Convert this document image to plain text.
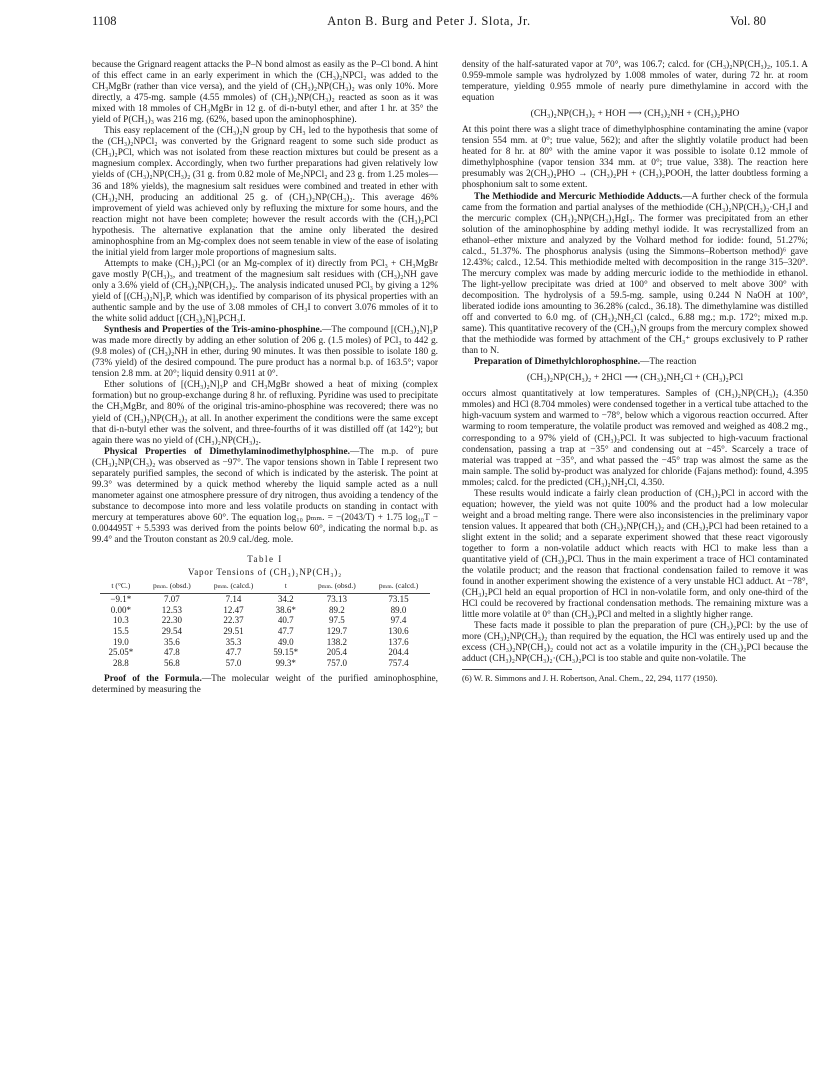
1108	Anton B. Burg and Peter J. Slota, Jr.	Vol. 80

because the Grignard reagent attacks the P–N bond almost as easily as the P–Cl bond. A hint of this effect came in an early experiment in which the (CH₃)₂NPCl₂ was added to the CH₃MgBr (rather than vice versa), and the yield of (CH₃)₂NP(CH₃)₂ was only 10%. More directly, a 475-mg. sample (4.55 mmoles) of (CH₃)₂NP(CH₃)₂ reacted as soon as it was mixed with 18 mmoles of CH₃MgBr in 12 g. of di-n-butyl ether, and after 1 hr. at 35° the yield of P(CH₃)₃ was 216 mg. (62%, based upon the aminophosphine).

This easy replacement of the (CH₃)₂N group by CH₃ led to the hypothesis that some of the (CH₃)₂NPCl₂ was converted by the Grignard reagent to some such side product as (CH₃)₂PCl, which was not isolated from these reaction mixtures but could be present as a magnesium complex. Accordingly, when two further preparations had given relatively low yields of (CH₃)₂NP(CH₃)₂ (31 g. from 0.82 mole of Me₂NPCl₂ and 23 g. from 1.25 moles—36 and 18% yields), the magnesium salt residues were combined and treated in ether with (CH₃)₂NH, producing an additional 25 g. of (CH₃)₂NP(CH₃)₂. This average 46% improvement of yield was achieved only by refluxing the mixture for some hours, and the reaction might not have been complete; however the result accords with the (CH₃)₂PCl hypothesis. The alternative explanation that the amine only liberated the desired aminophosphine from an Mg-complex does not seem tenable in view of the ease of isolating the initial yield from larger mole proportions of magnesium salts.

Attempts to make (CH₃)₂PCl (or an Mg-complex of it) directly from PCl₃ + CH₃MgBr gave mostly P(CH₃)₃, and treatment of the magnesium salt residues with (CH₃)₂NH gave only a 3.6% yield of (CH₃)₂NP(CH₃)₂. The analysis indicated unused PCl₃ by giving a 12% yield of [(CH₃)₂N]₃P, which was identified by comparison of its physical properties with an authentic sample and by the use of 3.08 mmoles of CH₃I to convert 3.076 mmoles of it to the white solid adduct [(CH₃)₂N]₃PCH₃I.

Synthesis and Properties of the Tris-amino-phosphine.—The compound [(CH₃)₂N]₃P was made more directly by adding an ether solution of 206 g. (1.5 moles) of PCl₃ to 442 g. (9.8 moles) of (CH₃)₂NH in ether, during 90 minutes. It was then possible to isolate 180 g. (73% yield) of the desired compound. The pure product has a normal b.p. of 163.5°; vapor tension 2.8 mm. at 20°; liquid density 0.911 at 0°.

Ether solutions of [(CH₃)₂N]₃P and CH₃MgBr showed a heat of mixing (complex formation) but no group-exchange during 8 hr. of refluxing. Pyridine was used to precipitate the CH₃MgBr, and 80% of the original tris-amino-phosphine was recovered; there was no yield of (CH₃)₂NP(CH₃)₂ at all. In another experiment the conditions were the same except that di-n-butyl ether was the solvent, and three-fourths of it was distilled off (at 142°); but again there was no yield of (CH₃)₂NP(CH₃)₂.

Physical Properties of Dimethylaminodimethylphosphine.—The m.p. of pure (CH₃)₂NP(CH₃)₂ was observed as −97°. The vapor tensions shown in Table I represent two separately purified samples, the second of which is indicated by the asterisk. The point at 99.3° was determined by a quick method whereby the liquid sample acted as a null manometer against one atmosphere pressure of dry nitrogen, thus avoiding a tendency of the substance to decompose into more and less volatile products on standing in contact with mercury at temperatures above 60°. The equation log₁₀ pₘₘ. = −(2043/T) + 1.75 log₁₀T − 0.004495T + 5.5393 was derived from the points below 60°, indicating the normal b.p. as 99.4° and the Trouton constant as 20.9 cal./deg. mole.

Table I
Vapor Tensions of (CH₃)₂NP(CH₃)₂
t (°C.)	pₘₘ. (obsd.)	pₘₘ. (calcd.)	t	pₘₘ. (obsd.)	pₘₘ. (calcd.)
−9.1*	7.07	7.14	34.2	73.13	73.15
0.00*	12.53	12.47	38.6*	89.2	89.0
10.3	22.30	22.37	40.7	97.5	97.4
15.5	29.54	29.51	47.7	129.7	130.6
19.0	35.6	35.3	49.0	138.2	137.6
25.05*	47.8	47.7	59.15*	205.4	204.4
28.8	56.8	57.0	99.3*	757.0	757.4

Proof of the Formula.—The molecular weight of the purified aminophosphine, determined by measuring the

density of the half-saturated vapor at 70°, was 106.7; calcd. for (CH₃)₂NP(CH₃)₂, 105.1. A 0.959-mmole sample was hydrolyzed by 1.008 mmoles of water, during 72 hr. at room temperature, yielding 0.955 mmole of nearly pure dimethylamine in accord with the equation

(CH₃)₂NP(CH₃)₂ + HOH ⟶ (CH₃)₂NH + (CH₃)₂PHO

At this point there was a slight trace of dimethylphosphine contaminating the amine (vapor tension 554 mm. at 0°; true value, 562); and after the slightly volatile product had been heated for 8 hr. at 80° with the amine vapor it was possible to isolate 0.12 mmole of dimethylphosphine (vapor tension 334 mm. at 0°; true value, 338). The reaction here presumably was 2(CH₃)₂PHO → (CH₃)₂PH + (CH₃)₂POOH, the latter doubtless forming a phosphonium salt to some extent.

The Methiodide and Mercuric Methiodide Adducts.—A further check of the formula came from the formation and partial analyses of the methiodide (CH₃)₂NP(CH₃)₂·CH₃I and the mercuric complex (CH₃)₂NP(CH₃)₃HgI₃. The former was precipitated from an ether solution of the aminophosphine by adding methyl iodide. It was recrystallized from an ethanol–ether mixture and analyzed by the Volhard method for iodide: found, 51.27%; calcd., 51.37%. The phosphorus analysis (using the Simmons–Robertson method)⁶ gave 12.43%; calcd., 12.54. This methiodide melted with decomposition in the range 315–320°. The mercury complex was made by adding mercuric iodide to the methiodide in ethanol. The light-yellow precipitate was dried at 100° and observed to melt above 300° with decomposition. The hydrolysis of a 59.5-mg. sample, using 0.244 N NaOH at 100°, liberated iodide ions amounting to 36.28% (calcd., 36.18). The dimethylamine was distilled off and converted to 6.0 mg. of (CH₃)₂NH₂Cl (calcd., 6.88 mg.; m.p. 172°; mixed m.p. same). This quantitative recovery of the (CH₃)₂N groups from the mercury complex showed that the methiodide was formed by attachment of the CH₃⁺ groups exclusively to P rather than to N.

Preparation of Dimethylchlorophosphine.—The reaction

(CH₃)₂NP(CH₃)₂ + 2HCl ⟶ (CH₃)₂NH₂Cl + (CH₃)₂PCl

occurs almost quantitatively at low temperatures. Samples of (CH₃)₂NP(CH₃)₂ (4.350 mmoles) and HCl (8.704 mmoles) were condensed together in a vertical tube attached to the high-vacuum system and warmed to −78°, below which a vigorous reaction occurred. After warming to room temperature, the volatile product was removed and weighed as 408.2 mg., corresponding to a 97% yield of (CH₃)₂PCl. It was subjected to high-vacuum fractional condensation, passing a trap at −35° and condensing out at −45°. Scarcely a trace of material was trapped at −35°, and what passed the −45° trap was almost the same as the main sample. The solid by-product was analyzed for chloride (Fajans method): found, 4.395 mmoles; calcd. for the predicted (CH₃)₂NH₂Cl, 4.350.

These results would indicate a fairly clean production of (CH₃)₂PCl in accord with the equation; however, the yield was not quite 100% and the product had a low molecular weight and a broad melting range. There were also inconsistencies in the preliminary vapor tension values. It appeared that both (CH₃)₂NP(CH₃)₂ and (CH₃)₂PCl had been retained to a slight extent in the solid; and a separate experiment showed that these react vigorously together to form a non-volatile adduct which reacts with HCl to make less than a quantitative yield of (CH₃)₂PCl. Thus in the main experiment a trace of HCl contaminated the volatile product; and the reason that fractional condensation failed to remove it was found in another experiment showing the existence of a very unstable HCl adduct. At −78°, (CH₃)₂PCl held an equal proportion of HCl in non-volatile form, and only one-third of the HCl could be recovered by fractional condensation methods. The remaining mixture was a little more volatile at 0° than (CH₃)₂PCl and melted in a slightly higher range.

These facts made it possible to plan the preparation of pure (CH₃)₂PCl: by the use of more (CH₃)₂NP(CH₃)₂ than required by the equation, the HCl was entirely used up and the excess (CH₃)₂NP(CH₃)₂ could not act as a volatile impurity in the (CH₃)₂PCl because the adduct (CH₃)₂NP(CH₃)₂·(CH₃)₂PCl is too stable and quite non-volatile. The

(6) W. R. Simmons and J. H. Robertson, Anal. Chem., 22, 294, 1177 (1950).
